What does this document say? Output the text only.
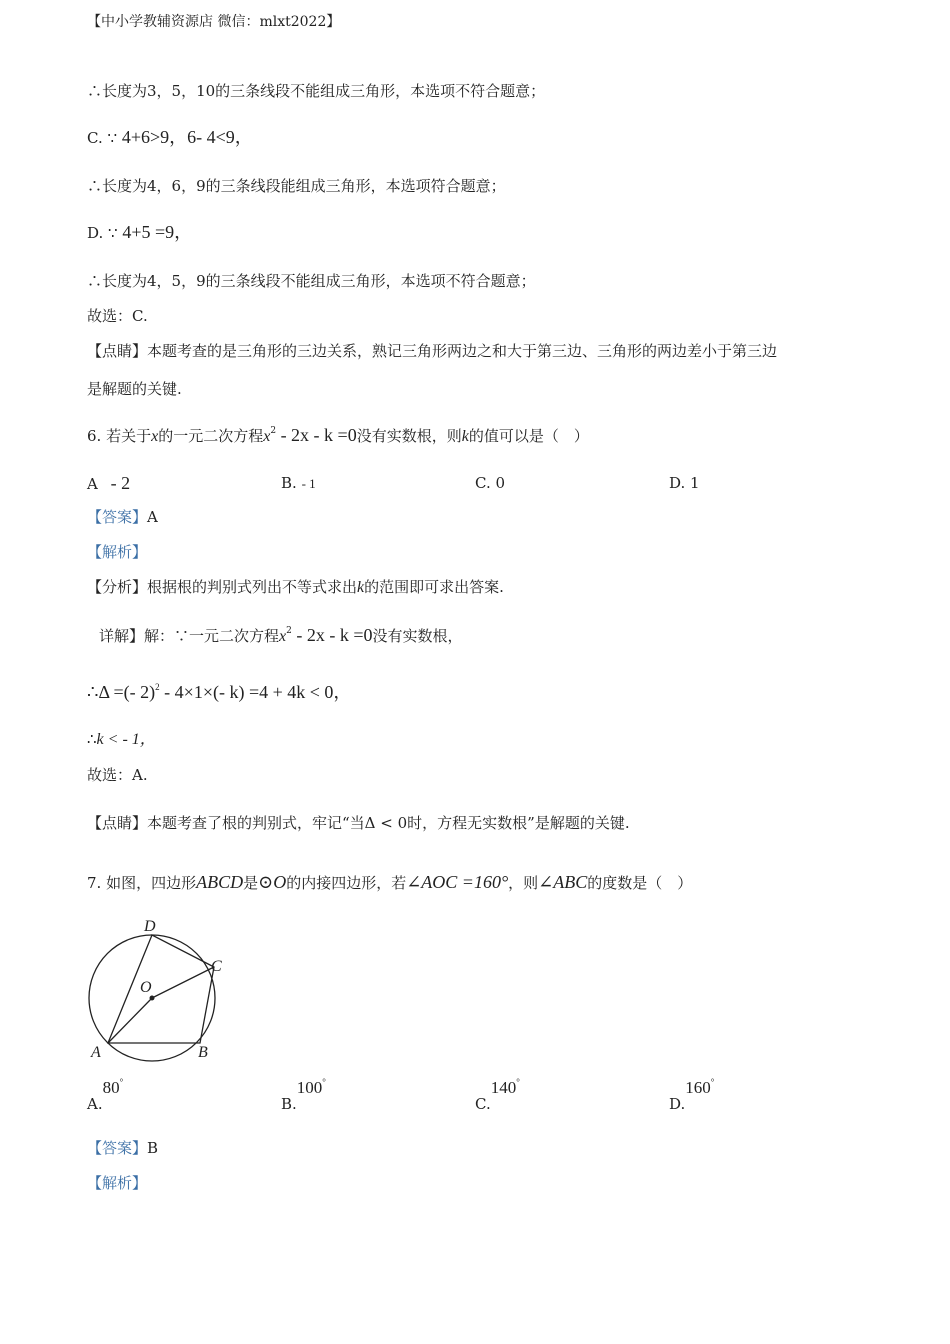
【中小学教辅资源店 微信：mlxt2022】
∴长度为3，5，10的三条线段不能组成三角形，本选项不符合题意；
C. ∵ 4+6>9，6- 4<9，
∴长度为4，6，9的三条线段能组成三角形，本选项符合题意；
D. ∵ 4+5 =9，
∴长度为4，5，9的三条线段不能组成三角形，本选项不符合题意；
故选：C.
【点睛】本题考查的是三角形的三边关系，熟记三角形两边之和大于第三边、三角形的两边差小于第三边
是解题的关键.
6. 若关于x的一元二次方程$x^2 - 2x - k =0$没有实数根，则k的值可以是（　）
A - 2	B. - 1	C. 0	D. 1
【答案】A
【解析】
【分析】根据根的判别式列出不等式求出k的范围即可求出答案.
详解】解：∵一元二次方程$x^2 - 2x - k =0$没有实数根，
∴Δ =(- 2)$^2$ - 4×1×(- k) =4 + 4k < 0，
∴k < - 1，
故选：A.
【点睛】本题考查了根的判别式，牢记“当Δ < 0时，方程无实数根”是解题的关键.
7. 如图，四边形ABCD是⊙O的内接四边形，若∠AOC =160°，则∠ABC的度数是（　）
D
C
O
A	B
A.80°
B.100°
C.140°
D.160°
【答案】B
【解析】
